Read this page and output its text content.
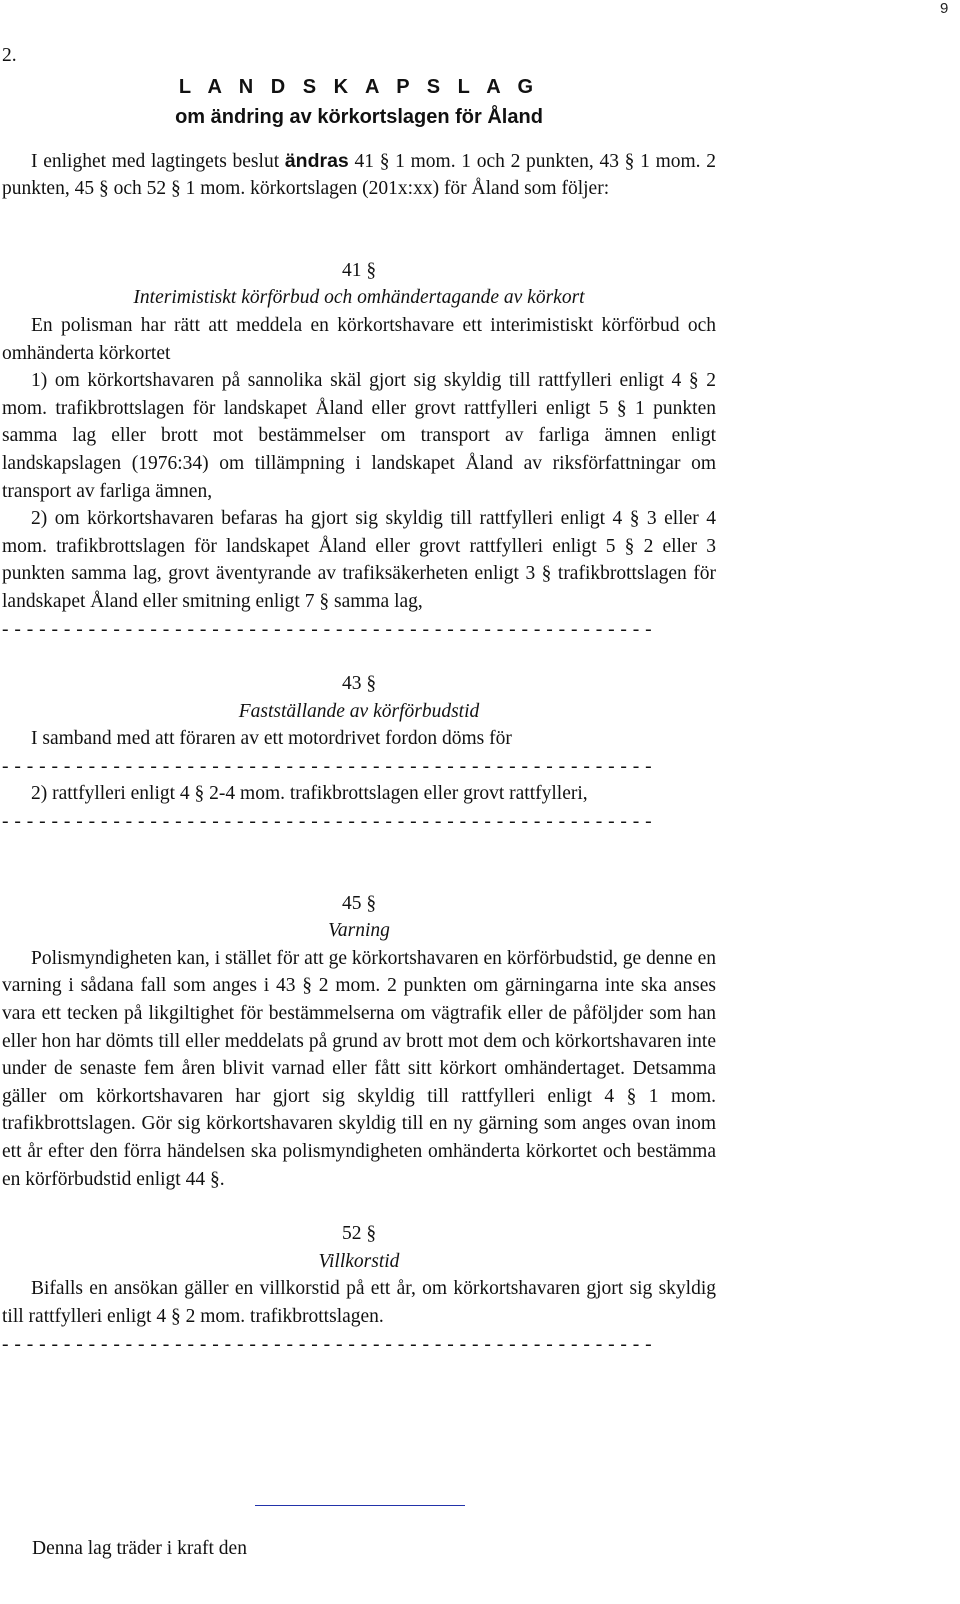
9

2.

L A N D S K A P S L A G

om ändring av körkortslagen för Åland

I enlighet med lagtingets beslut ändras 41 § 1 mom. 1 och 2 punkten, 43 § 1 mom. 2 punkten, 45 § och 52 § 1 mom. körkortslagen (201x:xx) för Åland som följer:

41 §

Interimistiskt körförbud och omhändertagande av körkort

En polisman har rätt att meddela en körkortshavare ett interimistiskt körförbud och omhänderta körkortet

1) om körkortshavaren på sannolika skäl gjort sig skyldig till rattfylleri enligt 4 § 2 mom. trafikbrottslagen för landskapet Åland eller grovt rattfylleri enligt 5 § 1 punkten samma lag eller brott mot bestämmelser om transport av farliga ämnen enligt landskapslagen (1976:34) om tillämpning i landskapet Åland av riksförfattningar om transport av farliga ämnen,

2) om körkortshavaren befaras ha gjort sig skyldig till rattfylleri enligt 4 § 3 eller 4 mom. trafikbrottslagen för landskapet Åland eller grovt rattfylleri enligt 5 § 2 eller 3 punkten samma lag, grovt äventyrande av trafiksäkerheten enligt 3 § trafikbrottslagen för landskapet Åland eller smitning enligt 7 § samma lag,

- - - - - - - - - - - - - - - - - - - - - - - - - - - - - - - - - - - - - - - - - - - - - - - - - - - - -

43 §

Fastställande av körförbudstid

I samband med att föraren av ett motordrivet fordon döms för

- - - - - - - - - - - - - - - - - - - - - - - - - - - - - - - - - - - - - - - - - - - - - - - - - - - - -

2) rattfylleri enligt 4 § 2-4 mom. trafikbrottslagen eller grovt rattfylleri,

- - - - - - - - - - - - - - - - - - - - - - - - - - - - - - - - - - - - - - - - - - - - - - - - - - - - -

45 §

Varning

Polismyndigheten kan, i stället för att ge körkortshavaren en körförbudstid, ge denne en varning i sådana fall som anges i 43 § 2 mom. 2 punkten om gärningarna inte ska anses vara ett tecken på likgiltighet för bestämmelserna om vägtrafik eller de påföljder som han eller hon har dömts till eller meddelats på grund av brott mot dem och körkortshavaren inte under de senaste fem åren blivit varnad eller fått sitt körkort omhändertaget. Detsamma gäller om körkortshavaren har gjort sig skyldig till rattfylleri enligt 4 § 1 mom. trafikbrottslagen. Gör sig körkortshavaren skyldig till en ny gärning som anges ovan inom ett år efter den förra händelsen ska polismyndigheten omhänderta körkortet och bestämma en körförbudstid enligt 44 §.

52 §

Villkorstid

Bifalls en ansökan gäller en villkorstid på ett år, om körkortshavaren gjort sig skyldig till rattfylleri enligt 4 § 2 mom. trafikbrottslagen.

- - - - - - - - - - - - - - - - - - - - - - - - - - - - - - - - - - - - - - - - - - - - - - - - - - - - -

Denna lag träder i kraft den
